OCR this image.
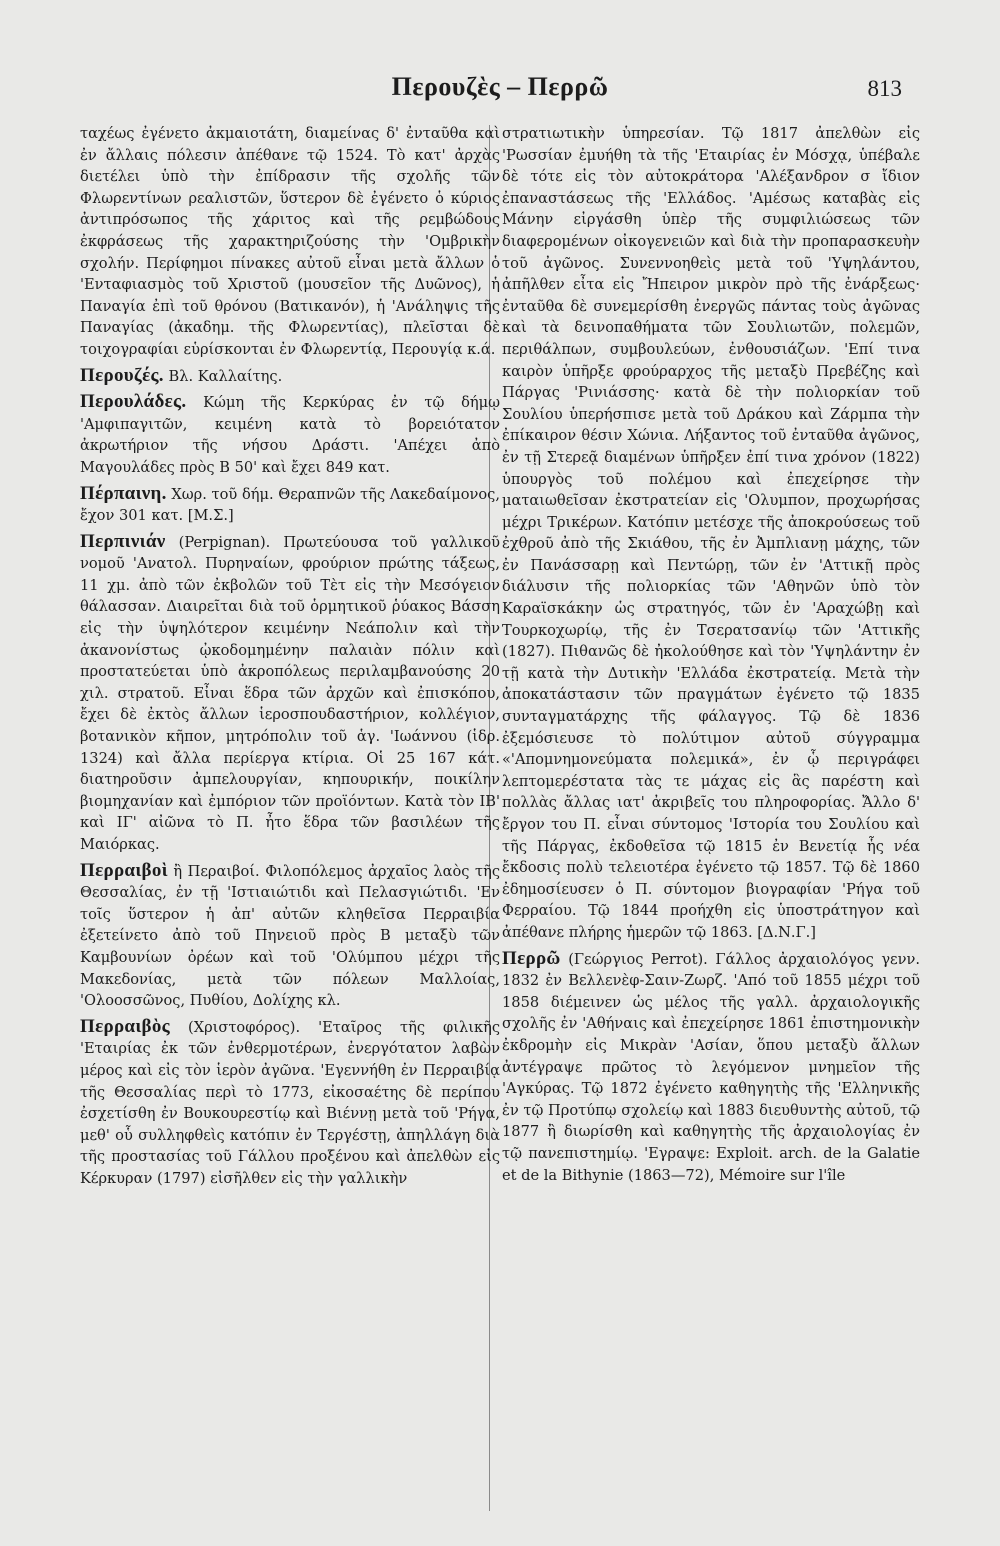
Περουζὲς – Περρῶ	813

ταχέως ἐγένετο ἀκμαιοτάτη, διαμείνας δ' ἐνταῦθα καὶ ἐν ἄλλαις πόλεσιν ἀπέθανε τῷ 1524. Τὸ κατ' ἀρχὰς διετέλει ὑπὸ τὴν ἐπίδρασιν τῆς σχολῆς τῶν Φλωρεντίνων ρεαλιστῶν, ὕστερον δὲ ἐγένετο ὁ κύριος ἀντιπρόσωπος τῆς χάριτος καὶ τῆς ρεμβώδους ἐκφράσεως τῆς χαρακτηριζούσης τὴν 'Ομβρικὴν σχολήν. Περίφημοι πίνακες αὐτοῦ εἶναι μετὰ ἄλλων ὁ 'Ενταφιασμὸς τοῦ Χριστοῦ (μουσεῖον τῆς Δυῶνος), ἡ Παναγία ἐπὶ τοῦ θρόνου (Βατικανόν), ἡ 'Ανάληψις τῆς Παναγίας (ἀκαδημ. τῆς Φλωρεντίας), πλεῖσται δὲ τοιχογραφίαι εὑρίσκονται ἐν Φλωρεντίᾳ, Περουγίᾳ κ.ά.

Περουζές. Βλ. Καλλαίτης.

Περουλάδες. Κώμη τῆς Κερκύρας ἐν τῷ δήμῳ 'Αμφιπαγιτῶν, κειμένη κατὰ τὸ βορειότατον ἀκρωτήριον τῆς νήσου Δράστι. 'Απέχει ἀπὸ Μαγουλάδες πρὸς Β 50' καὶ ἔχει 849 κατ.

Πέρπαινη. Χωρ. τοῦ δήμ. Θεραπνῶν τῆς Λακεδαίμονος, ἔχον 301 κατ. [Μ.Σ.]

Περπινιάν (Perpignan). Πρωτεύουσα τοῦ γαλλικοῦ νομοῦ 'Ανατολ. Πυρηναίων, φρούριον πρώτης τάξεως, 11 χμ. ἀπὸ τῶν ἐκβολῶν τοῦ Τὲτ εἰς τὴν Μεσόγειον θάλασσαν. Διαιρεῖται διὰ τοῦ ὁρμητικοῦ ῥύακος Βάσση εἰς τὴν ὑψηλότερον κειμένην Νεάπολιν καὶ τὴν ἀκανονίστως ᾠκοδομημένην παλαιὰν πόλιν καὶ προστατεύεται ὑπὸ ἀκροπόλεως περιλαμβανούσης 20 χιλ. στρατοῦ. Εἶναι ἕδρα τῶν ἀρχῶν καὶ ἐπισκόπου, ἔχει δὲ ἐκτὸς ἄλλων ἱεροσπουδαστήριον, κολλέγιον, βοτανικὸν κῆπον, μητρόπολιν τοῦ ἁγ. 'Ιωάννου (ἱδρ. 1324) καὶ ἄλλα περίεργα κτίρια. Οἱ 25 167 κάτ. διατηροῦσιν ἀμπελουργίαν, κηπουρικήν, ποικίλην βιομηχανίαν καὶ ἐμπόριον τῶν προϊόντων. Κατὰ τὸν ΙΒ' καὶ ΙΓ' αἰῶνα τὸ Π. ἦτο ἕδρα τῶν βασιλέων τῆς Μαιόρκας.

Περραιβοὶ ἢ Περαιβοί. Φιλοπόλεμος ἀρχαῖος λαὸς τῆς Θεσσαλίας, ἐν τῇ 'Ιστιαιώτιδι καὶ Πελασγιώτιδι. 'Εν τοῖς ὕστερον ἡ ἀπ' αὐτῶν κληθεῖσα Περραιβία ἐξετείνετο ἀπὸ τοῦ Πηνειοῦ πρὸς Β μεταξὺ τῶν Καμβουνίων ὀρέων καὶ τοῦ 'Ολύμπου μέχρι τῆς Μακεδονίας, μετὰ τῶν πόλεων Μαλλοίας, 'Ολοοσσῶνος, Πυθίου, Δολίχης κλ.

Περραιβὸς (Χριστοφόρος). 'Εταῖρος τῆς φιλικῆς 'Εταιρίας ἐκ τῶν ἐνθερμοτέρων, ἐνεργότατον λαβὼν μέρος καὶ εἰς τὸν ἱερὸν ἀγῶνα. 'Εγεννήθη ἐν Περραιβίᾳ τῆς Θεσσαλίας περὶ τὸ 1773, εἰκοσαέτης δὲ περίπου ἐσχετίσθη ἐν Βουκουρεστίῳ καὶ Βιέννῃ μετὰ τοῦ 'Ρήγα, μεθ' οὗ συλληφθεὶς κατόπιν ἐν Τεργέστῃ, ἀπηλλάγη διὰ τῆς προστασίας τοῦ Γάλλου προξένου καὶ ἀπελθὼν εἰς Κέρκυραν (1797) εἰσῆλθεν εἰς τὴν γαλλικὴν

στρατιωτικὴν ὑπηρεσίαν. Τῷ 1817 ἀπελθὼν εἰς 'Ρωσσίαν ἐμυήθη τὰ τῆς 'Εταιρίας ἐν Μόσχᾳ, ὑπέβαλε δὲ τότε εἰς τὸν αὐτοκράτορα 'Αλέξανδρον σ ἴδιον ἐπαναστάσεως τῆς 'Ελλάδος. 'Αμέσως καταβὰς εἰς Μάνην εἰργάσθη ὑπὲρ τῆς συμφιλιώσεως τῶν διαφερομένων οἰκογενειῶν καὶ διὰ τὴν προπαρασκευὴν τοῦ ἀγῶνος. Συνεννοηθεὶς μετὰ τοῦ 'Υψηλάντου, ἀπῆλθεν εἶτα εἰς Ἤπειρον μικρὸν πρὸ τῆς ἐνάρξεως· ἐνταῦθα δὲ συνεμερίσθη ἐνεργῶς πάντας τοὺς ἀγῶνας καὶ τὰ δεινοπαθήματα τῶν Σουλιωτῶν, πολεμῶν, περιθάλπων, συμβουλεύων, ἐνθουσιάζων. 'Επί τινα καιρὸν ὑπῆρξε φρούραρχος τῆς μεταξὺ Πρεβέζης καὶ Πάργας 'Ρινιάσσης· κατὰ δὲ τὴν πολιορκίαν τοῦ Σουλίου ὑπερήσπισε μετὰ τοῦ Δράκου καὶ Ζάρμπα τὴν ἐπίκαιρον θέσιν Χώνια. Λήξαντος τοῦ ἐνταῦθα ἀγῶνος, ἐν τῇ Στερεᾷ διαμένων ὑπῆρξεν ἐπί τινα χρόνον (1822) ὑπουργὸς τοῦ πολέμου καὶ ἐπεχείρησε τὴν ματαιωθεῖσαν ἐκστρατείαν εἰς 'Ολυμπον, προχωρήσας μέχρι Τρικέρων. Κατόπιν μετέσχε τῆς ἀποκρούσεως τοῦ ἐχθροῦ ἀπὸ τῆς Σκιάθου, τῆς ἐν Ἀμπλιανῃ μάχης, τῶν ἐν Πανάσσαρῃ καὶ Πεντώρῃ, τῶν ἐν 'Αττικῇ πρὸς διάλυσιν τῆς πολιορκίας τῶν 'Αθηνῶν ὑπὸ τὸν Καραϊσκάκην ὡς στρατηγός, τῶν ἐν 'Αραχώβῃ καὶ Τουρκοχωρίῳ, τῆς ἐν Τσερατσανίῳ τῶν 'Αττικῆς (1827). Πιθανῶς δὲ ἠκολούθησε καὶ τὸν 'Υψηλάντην ἐν τῇ κατὰ τὴν Δυτικὴν 'Ελλάδα ἐκστρατείᾳ. Μετὰ τὴν ἀποκατάστασιν τῶν πραγμάτων ἐγένετο τῷ 1835 συνταγματάρχης τῆς φάλαγγος. Τῷ δὲ 1836 ἐξεμόσιευσε τὸ πολύτιμον αὐτοῦ σύγγραμμα «'Απομνημονεύματα πολεμικά», ἐν ᾧ περιγράφει λεπτομερέστατα τὰς τε μάχας εἰς ἃς παρέστη καὶ πολλὰς ἄλλας ιατ' ἀκριβεῖς του πληροφορίας. Ἄλλο δ' ἔργον του Π. εἶναι σύντομος 'Ιστορία του Σουλίου καὶ τῆς Πάργας, ἐκδοθεῖσα τῷ 1815 ἐν Βενετίᾳ ἧς νέα ἔκδοσις πολὺ τελειοτέρα ἐγένετο τῷ 1857. Τῷ δὲ 1860 ἐδημοσίευσεν ὁ Π. σύντομον βιογραφίαν 'Ρήγα τοῦ Φερραίου. Τῷ 1844 προήχθη εἰς ὑποστράτηγον καὶ ἀπέθανε πλήρης ἡμερῶν τῷ 1863. [Δ.Ν.Γ.]

Περρῶ (Γεώργιος Perrot). Γάλλος ἀρχαιολόγος γενν. 1832 ἐν Βελλενὲφ-Σαιν-Ζωρζ. 'Από τοῦ 1855 μέχρι τοῦ 1858 διέμεινεν ὡς μέλος τῆς γαλλ. ἀρχαιολογικῆς σχολῆς ἐν 'Αθήναις καὶ ἐπεχείρησε 1861 ἐπιστημονικὴν ἐκδρομὴν εἰς Μικρὰν 'Ασίαν, ὅπου μεταξὺ ἄλλων ἀντέγραψε πρῶτος τὸ λεγόμενον μνημεῖον τῆς 'Αγκύρας. Τῷ 1872 ἐγένετο καθηγητὴς τῆς 'Ελληνικῆς ἐν τῷ Προτύπῳ σχολείῳ καὶ 1883 διευθυντὴς αὐτοῦ, τῷ 1877 ἢ διωρίσθη καὶ καθηγητὴς τῆς ἀρχαιολογίας ἐν τῷ πανεπιστημίῳ. 'Εγραψε: Exploit. arch. de la Galatie et de la Bithynie (1863—72), Mémoire sur l'île
